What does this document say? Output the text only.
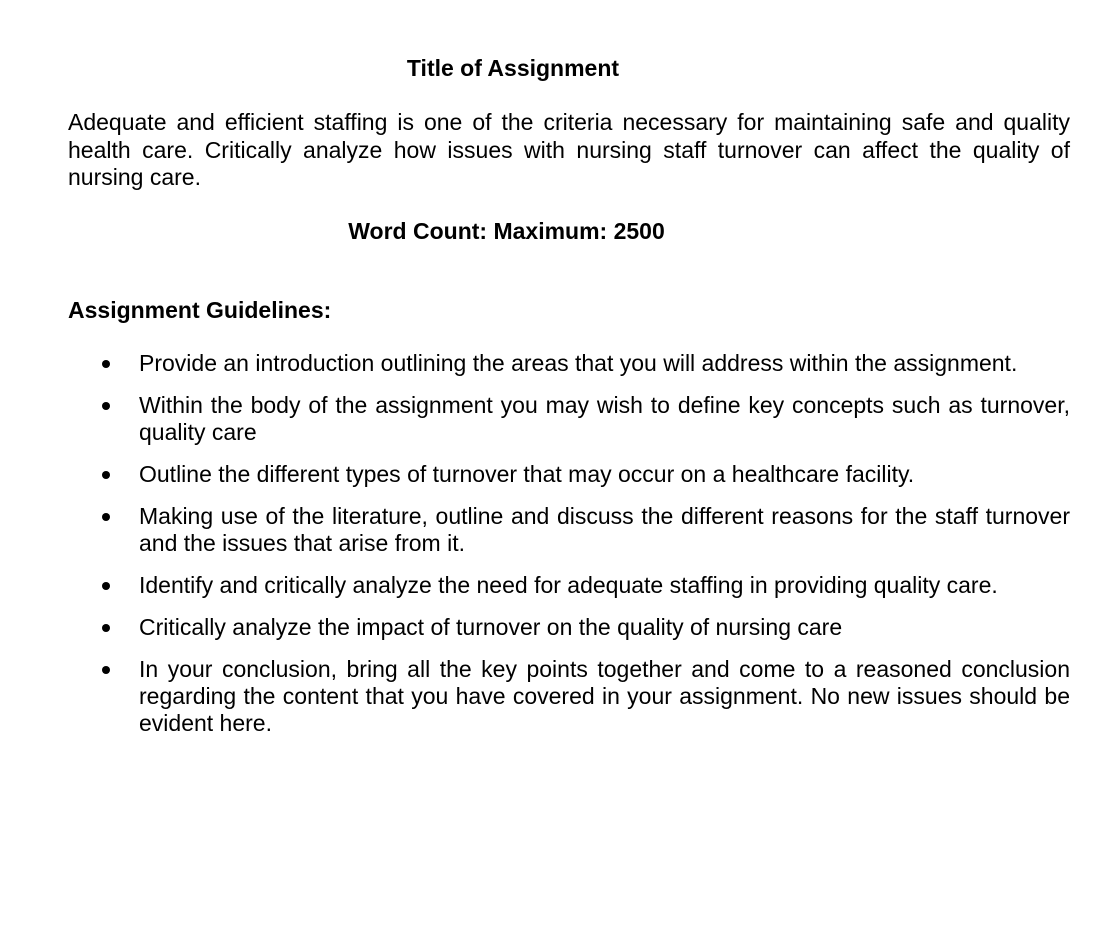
Title of Assignment

Adequate and efficient staffing is one of the criteria necessary for maintaining safe and quality health care. Critically analyze how issues with nursing staff turnover can affect the quality of nursing care.

Word Count: Maximum: 2500

Assignment Guidelines:
Provide an introduction outlining the areas that you will address within the assignment.
Within the body of the assignment you may wish to define key concepts such as turnover, quality care
Outline the different types of turnover that may occur on a healthcare facility.
Making use of the literature, outline and discuss the different reasons for the staff turnover and the issues that arise from it.
Identify and critically analyze the need for adequate staffing in providing quality care.
Critically analyze the impact of turnover on the quality of nursing care
In your conclusion, bring all the key points together and come to a reasoned conclusion regarding the content that you have covered in your assignment. No new issues should be evident here.
